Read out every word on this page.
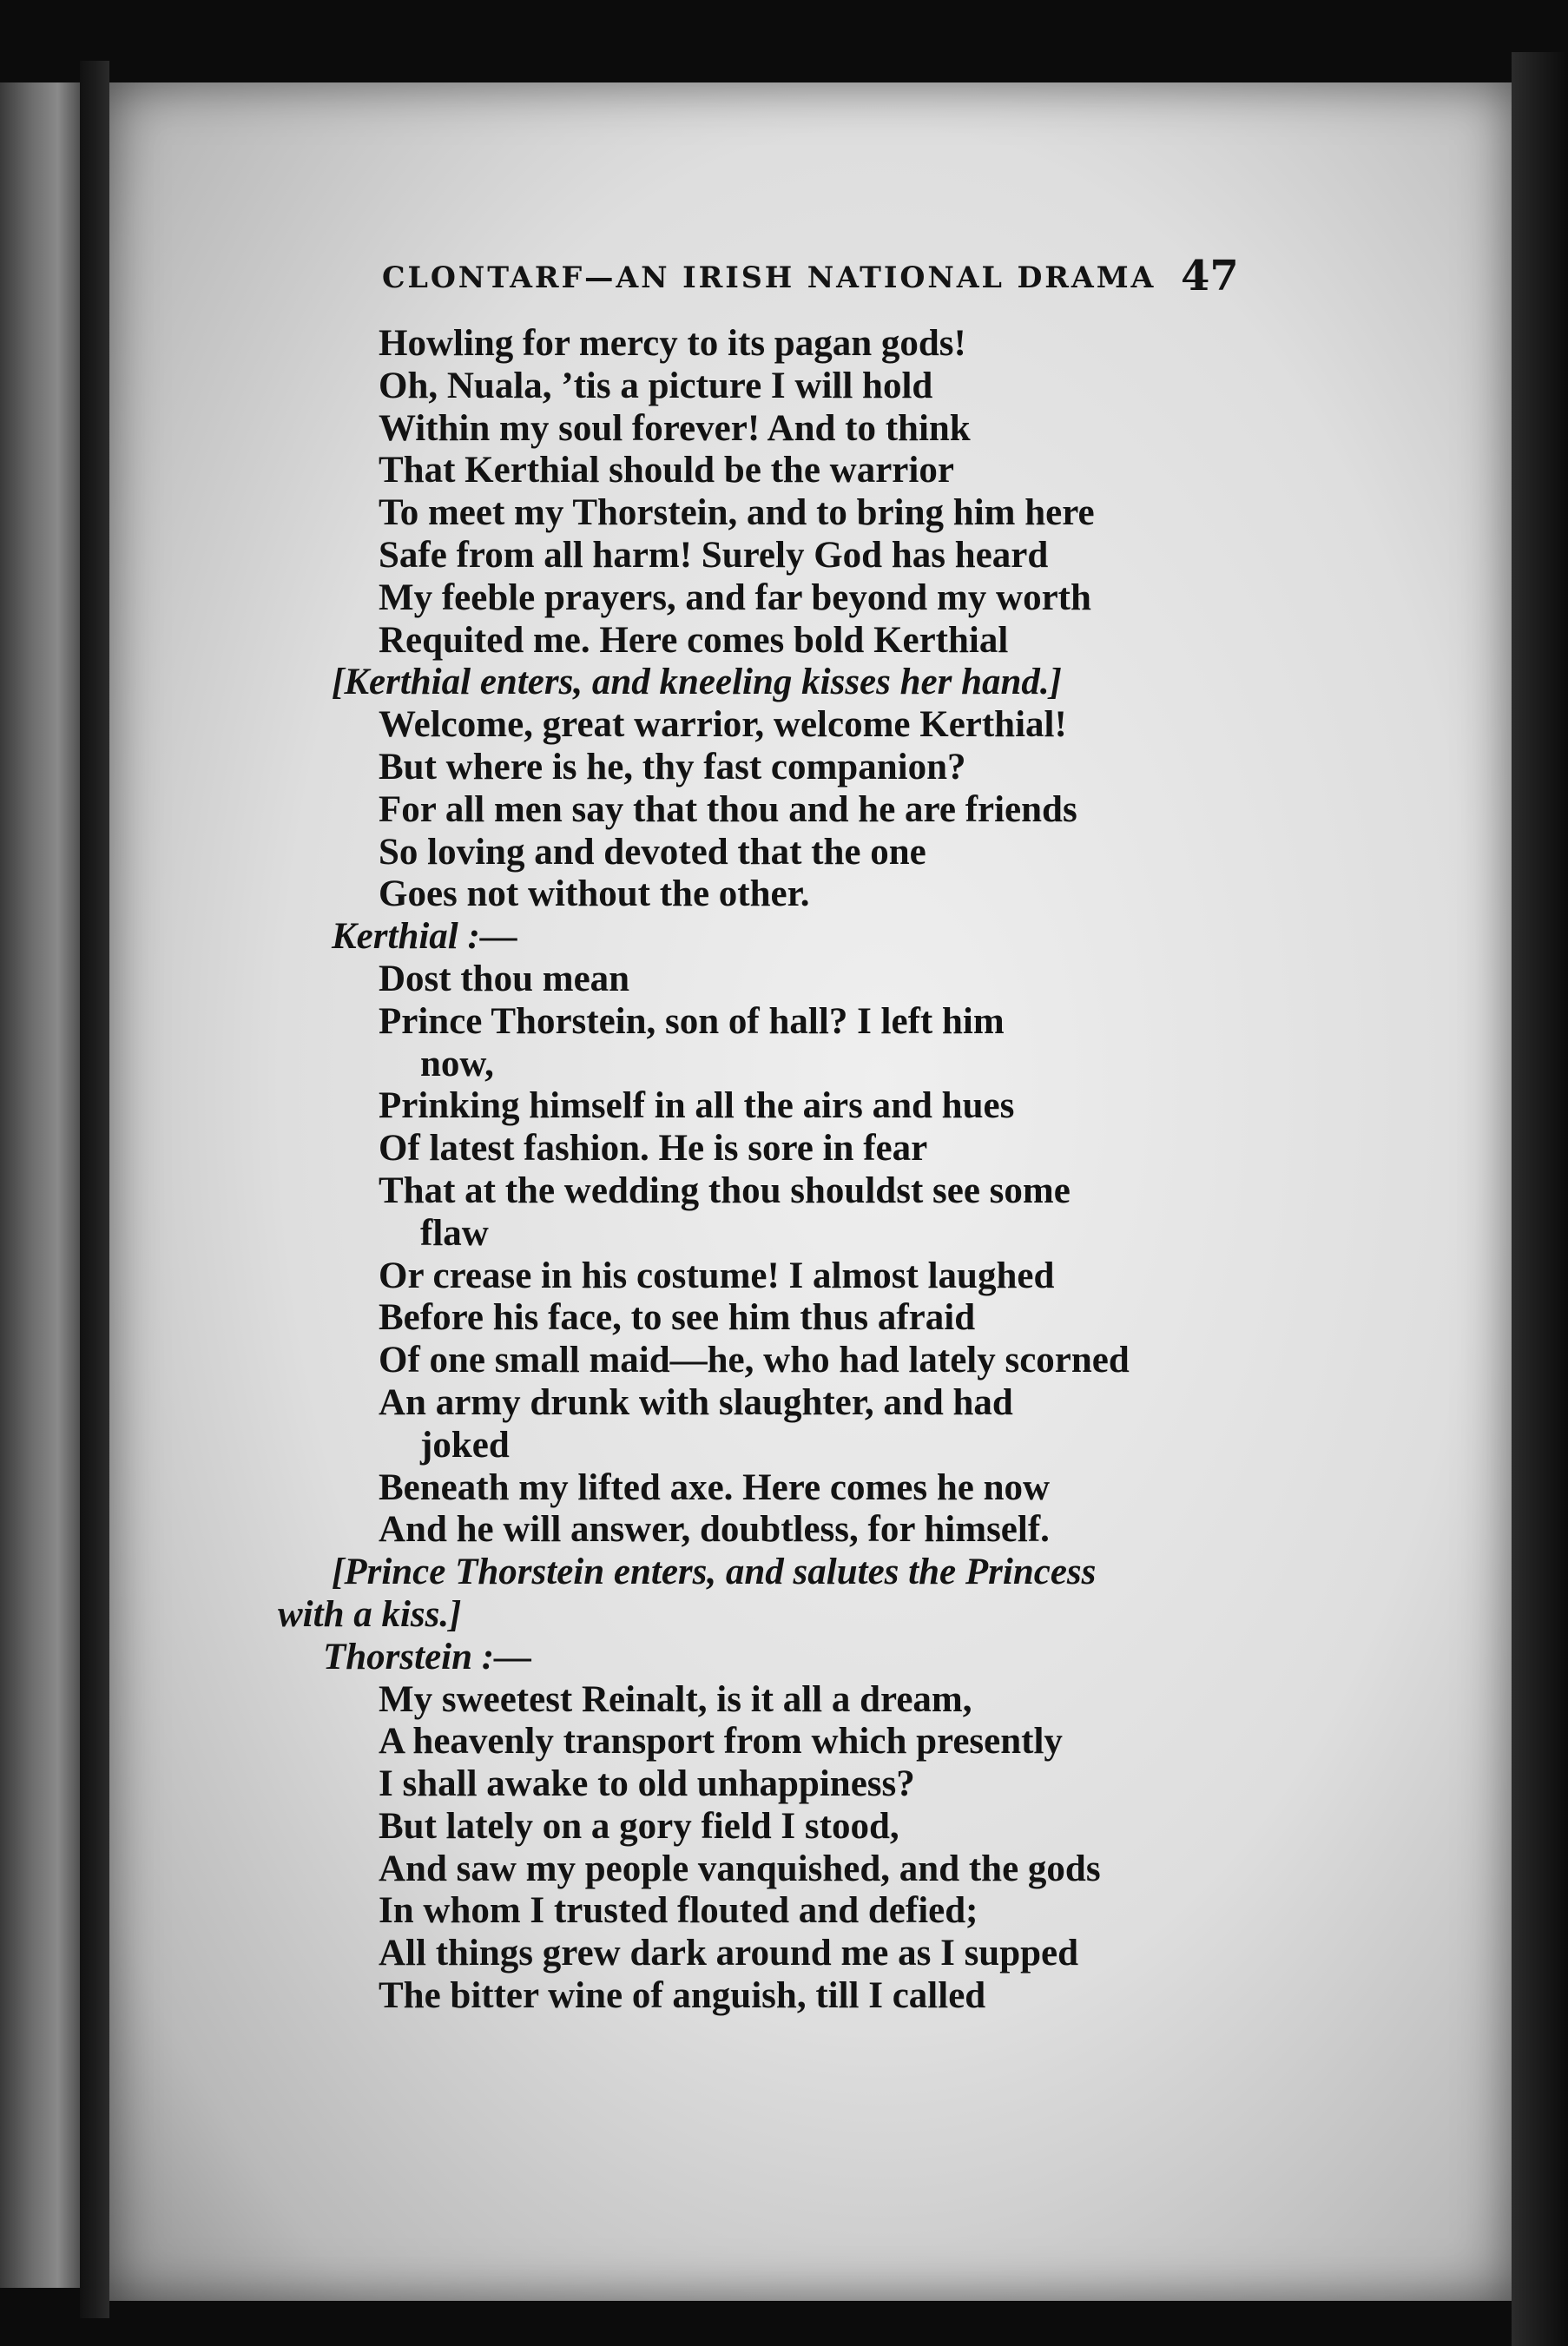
CLONTARF—AN IRISH NATIONAL DRAMA 47
Howling for mercy to its pagan gods!
Oh, Nuala, ’tis a picture I will hold
Within my soul forever! And to think
That Kerthial should be the warrior
To meet my Thorstein, and to bring him here
Safe from all harm! Surely God has heard
My feeble prayers, and far beyond my worth
Requited me. Here comes bold Kerthial
[Kerthial enters, and kneeling kisses her hand.]
Welcome, great warrior, welcome Kerthial!
But where is he, thy fast companion?
For all men say that thou and he are friends
So loving and devoted that the one
Goes not without the other.
Kerthial :—
Dost thou mean
Prince Thorstein, son of hall? I left him
now,
Prinking himself in all the airs and hues
Of latest fashion. He is sore in fear
That at the wedding thou shouldst see some
flaw
Or crease in his costume! I almost laughed
Before his face, to see him thus afraid
Of one small maid—he, who had lately scorned
An army drunk with slaughter, and had
joked
Beneath my lifted axe. Here comes he now
And he will answer, doubtless, for himself.
[Prince Thorstein enters, and salutes the Princess
with a kiss.]
Thorstein :—
My sweetest Reinalt, is it all a dream,
A heavenly transport from which presently
I shall awake to old unhappiness?
But lately on a gory field I stood,
And saw my people vanquished, and the gods
In whom I trusted flouted and defied;
All things grew dark around me as I supped
The bitter wine of anguish, till I called
